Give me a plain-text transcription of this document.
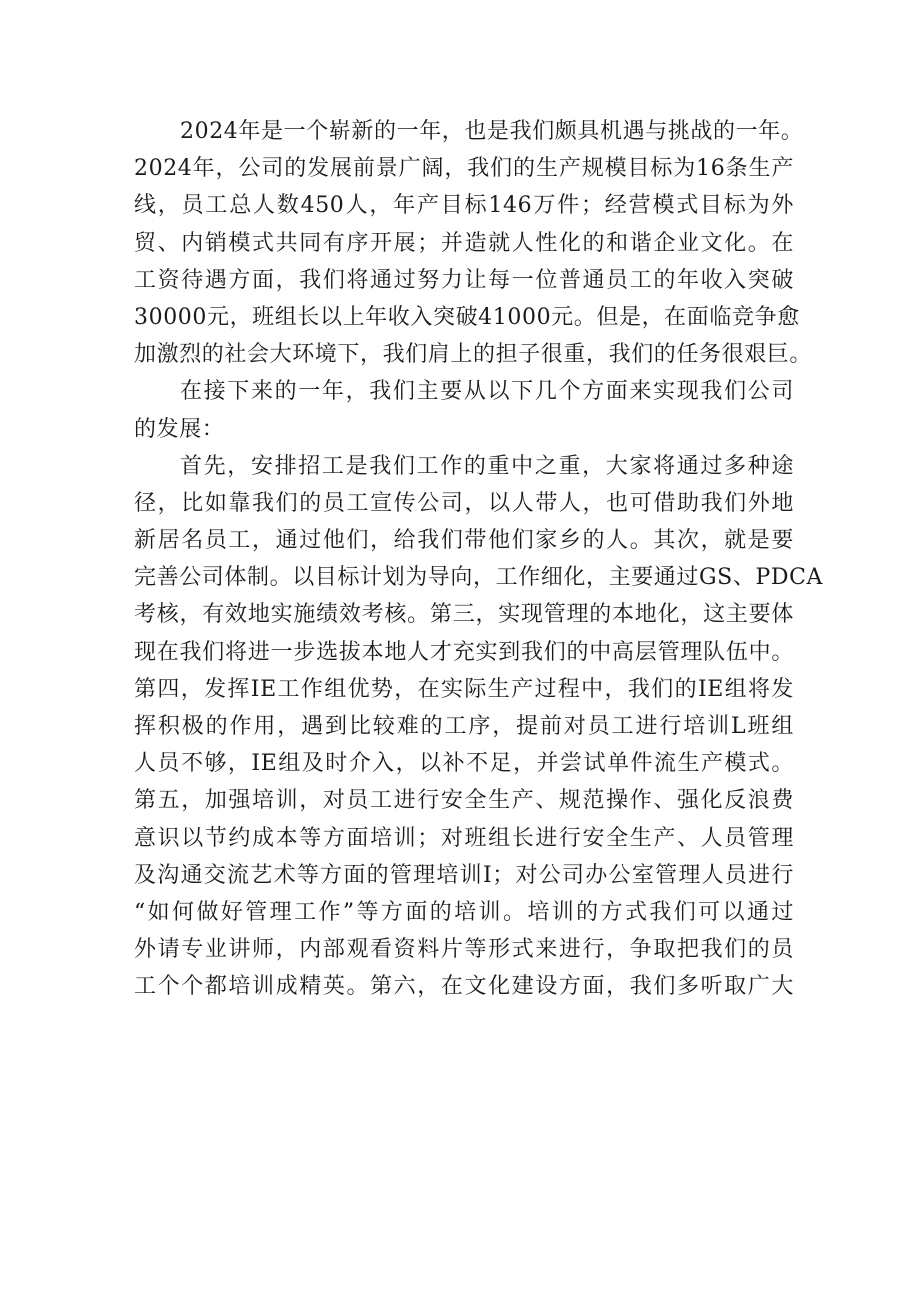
2024年是一个崭新的一年，也是我们颇具机遇与挑战的一年。
2024年，公司的发展前景广阔，我们的生产规模目标为16条生产
线，员工总人数450人，年产目标146万件；经营模式目标为外
贸、内销模式共同有序开展；并造就人性化的和谐企业文化。在
工资待遇方面，我们将通过努力让每一位普通员工的年收入突破
30000元，班组长以上年收入突破41000元。但是，在面临竞争愈
加激烈的社会大环境下，我们肩上的担子很重，我们的任务很艰巨。
在接下来的一年，我们主要从以下几个方面来实现我们公司
的发展：
首先，安排招工是我们工作的重中之重，大家将通过多种途
径，比如靠我们的员工宣传公司，以人带人，也可借助我们外地
新居名员工，通过他们，给我们带他们家乡的人。其次，就是要
完善公司体制。以目标计划为导向，工作细化，主要通过GS、PDCA
考核，有效地实施绩效考核。第三，实现管理的本地化，这主要体
现在我们将进一步选拔本地人才充实到我们的中高层管理队伍中。
第四，发挥IE工作组优势，在实际生产过程中，我们的IE组将发
挥积极的作用，遇到比较难的工序，提前对员工进行培训L班组
人员不够，IE组及时介入，以补不足，并尝试单件流生产模式。
第五，加强培训，对员工进行安全生产、规范操作、强化反浪费
意识以节约成本等方面培训；对班组长进行安全生产、人员管理
及沟通交流艺术等方面的管理培训I；对公司办公室管理人员进行
“如何做好管理工作”等方面的培训。培训的方式我们可以通过
外请专业讲师，内部观看资料片等形式来进行，争取把我们的员
工个个都培训成精英。第六，在文化建设方面，我们多听取广大
